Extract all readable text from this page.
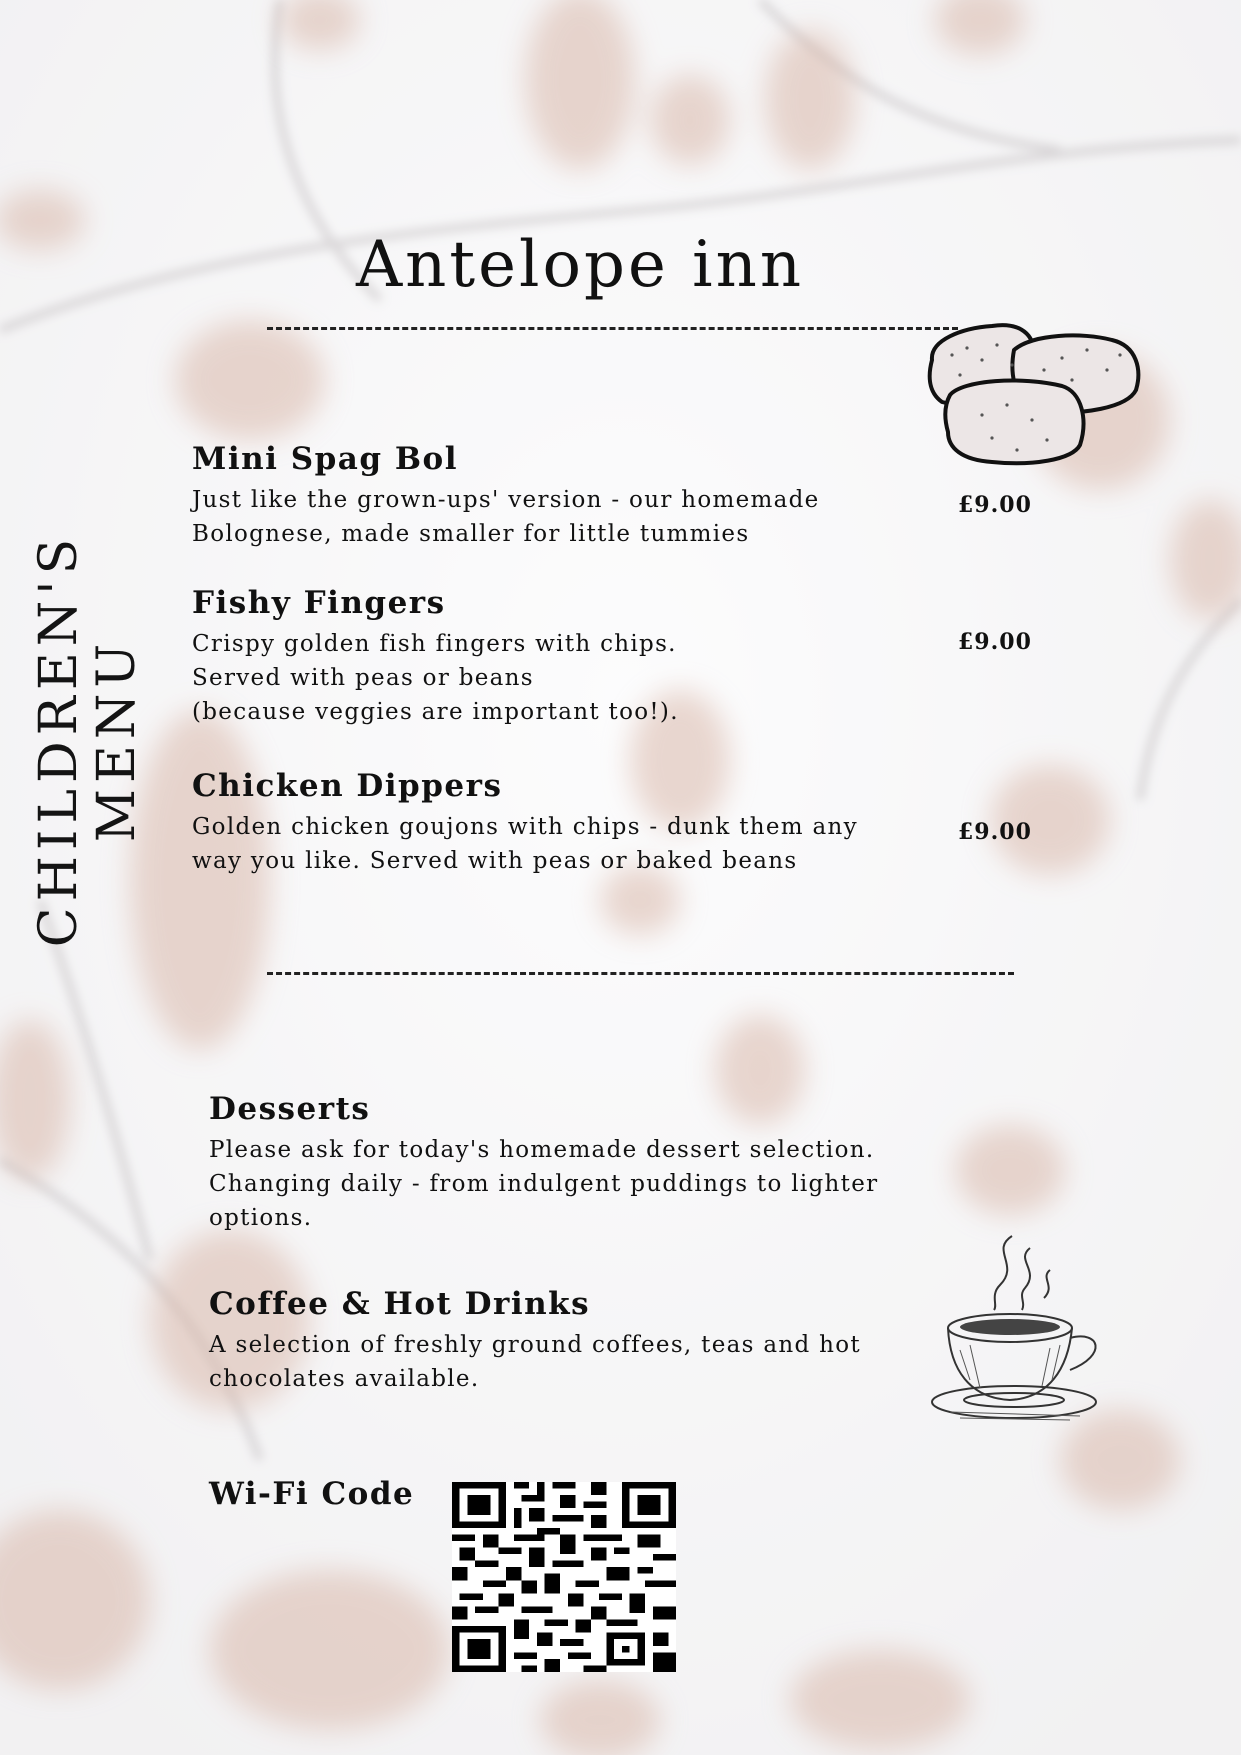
Antelope inn
CHILDREN'S
MENU

Mini Spag Bol

Just like the grown-ups' version - our homemade
Bolognese, made smaller for little tummies

£9.00

Fishy Fingers

Crispy golden fish fingers with chips.
Served with peas or beans
(because veggies are important too!).

£9.00

Chicken Dippers

Golden chicken goujons with chips - dunk them any
way you like. Served with peas or baked beans

£9.00

Desserts

Please ask for today's homemade dessert selection.
Changing daily - from indulgent puddings to lighter
options.

Coffee & Hot Drinks

A selection of freshly ground coffees, teas and hot
chocolates available.

Wi-Fi Code
